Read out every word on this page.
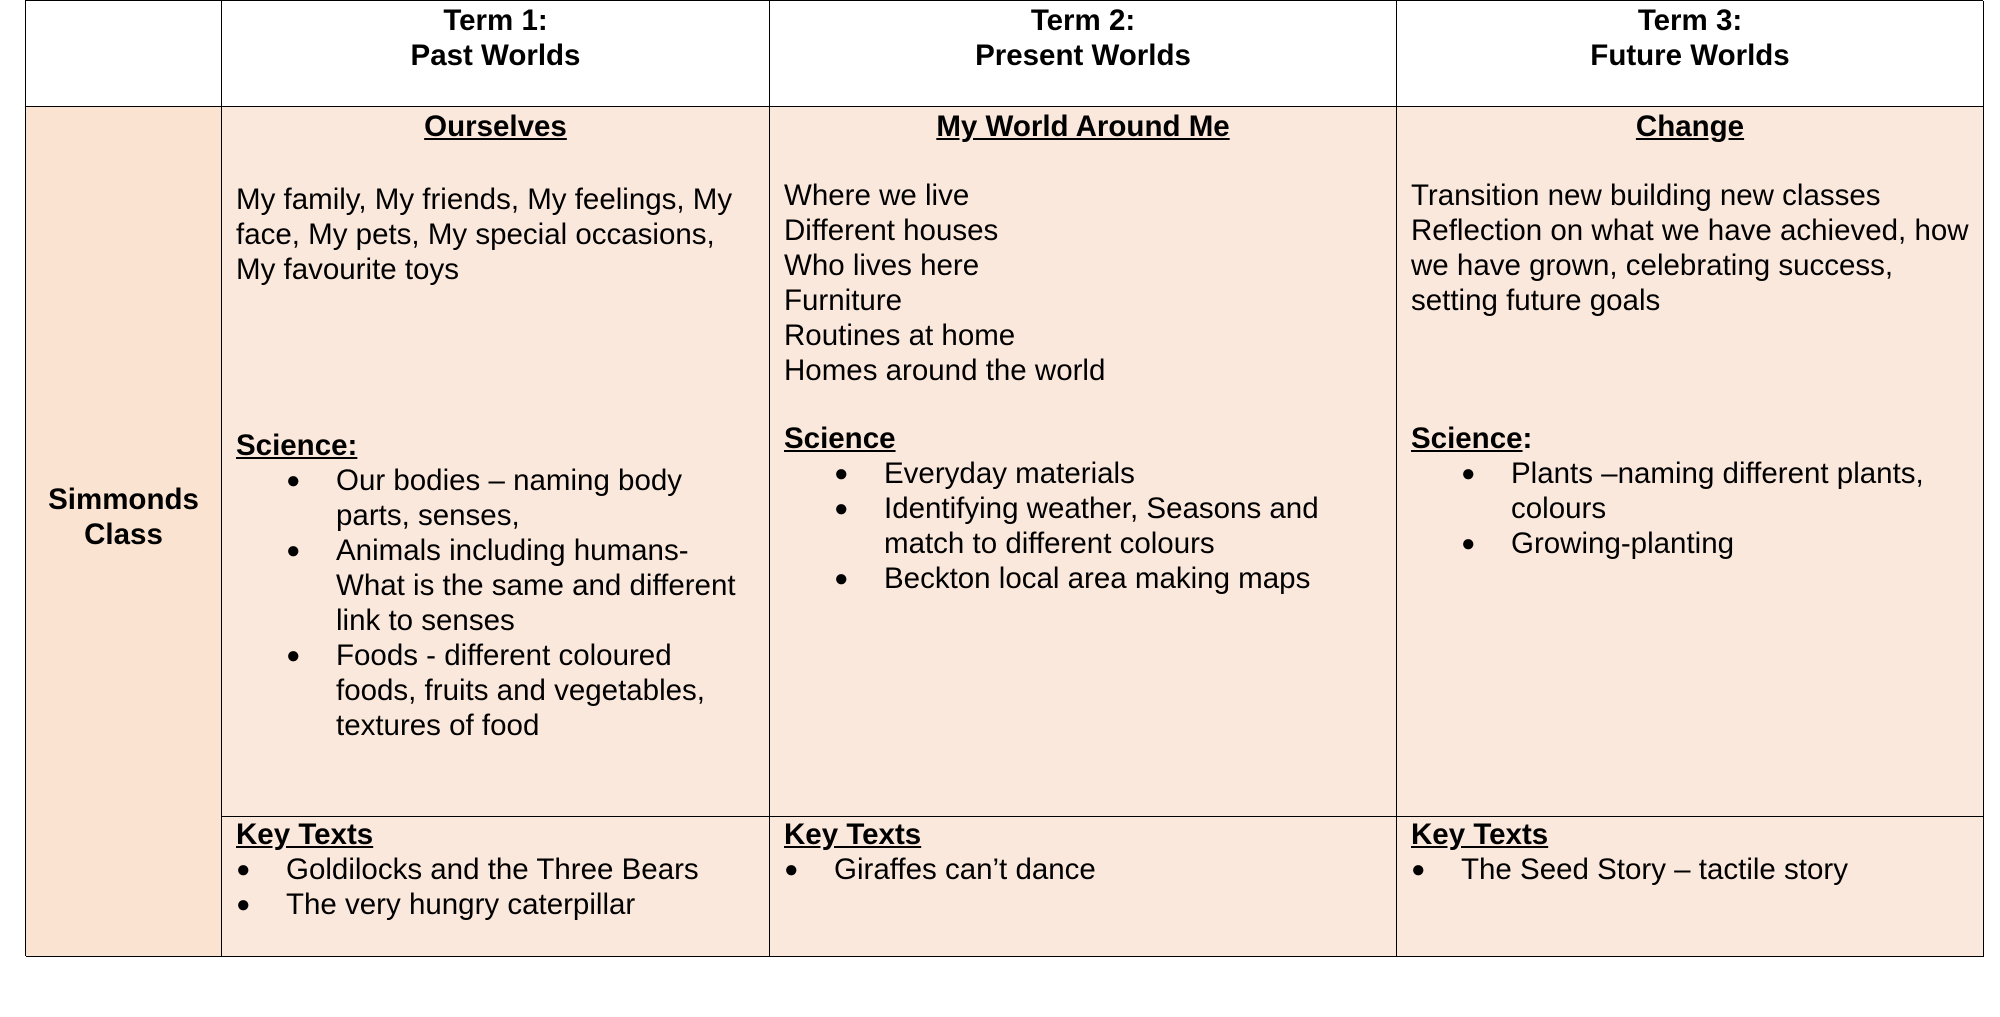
Term 1:
Past Worlds
Term 2:
Present Worlds
Term 3:
Future Worlds
Simmonds
Class
Ourselves

My family, My friends, My feelings, My face, My pets, My special occasions, My favourite toys

Science:
● Our bodies – naming body parts, senses,
● Animals including humans- What is the same and different link to senses
● Foods - different coloured foods, fruits and vegetables, textures of food
My World Around Me
Where we live
Different houses
Who lives here
Furniture
Routines at home
Homes around the world
Science
● Everyday materials
● Identifying weather, Seasons and match to different colours
● Beckton local area making maps
Change
Transition new building new classes
Reflection on what we have achieved, how we have grown, celebrating success, setting future goals
Science:
● Plants –naming different plants, colours
● Growing-planting
Key Texts
● Goldilocks and the Three Bears
● The very hungry caterpillar
Key Texts
● Giraffes can’t dance
Key Texts
● The Seed Story – tactile story
